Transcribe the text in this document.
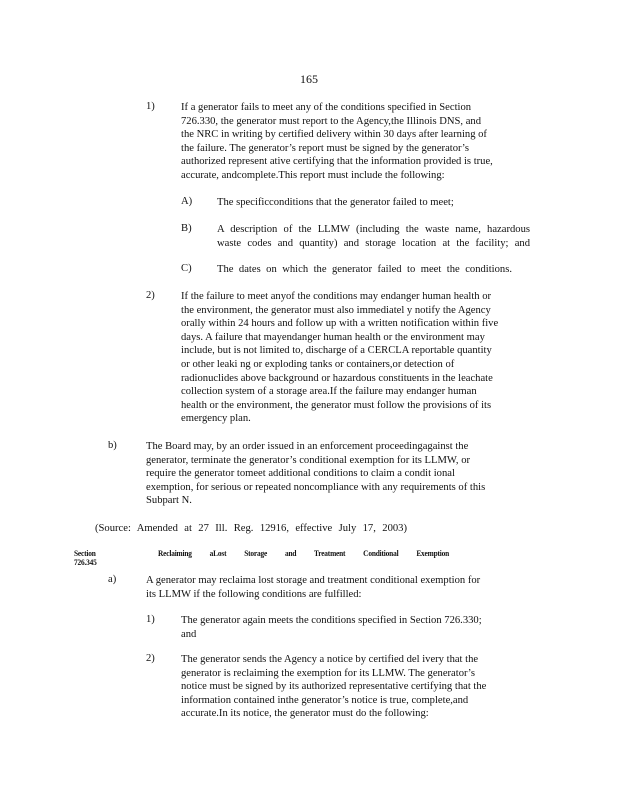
165
1) If a generator fails to meet any of the conditions specified in Section
726.330, the generator must report to the Agency,the Illinois DNS, and
the NRC in writing by certified delivery within 30 days after learning of
the failure. The generator’s report must be signed by the generator’s
authorized represent ative certifying that the information provided is true,
accurate, andcomplete.This report must include the following:
A) The specificconditions that the generator failed to meet;
B) A description of the LLMW (including the waste name, hazardous
waste codes and quantity) and storage location at the facility; and
C) The dates on which the generator failed to meet the conditions.
2) If the failure to meet anyof the conditions may endanger human health or
the environment, the generator must also immediatel y notify the Agency
orally within 24 hours and follow up with a written notification within five
days. A failure that mayendanger human health or the environment may
include, but is not limited to, discharge of a CERCLA reportable quantity
or other leaki ng or exploding tanks or containers,or detection of
radionuclides above background or hazardous constituents in the leachate
collection system of a storage area.If the failure may endanger human
health or the environment, the generator must follow the provisions of its
emergency plan.
b)	The Board may, by an order issued in an enforcement proceedingagainst the
generator, terminate the generator’s conditional exemption for its LLMW, or
require the generator tomeet additional conditions to claim a condit ional
exemption, for serious or repeated noncompliance with any requirements of this
Subpart N.
(Source: Amended at 27 Ill. Reg. 12916, effective July 17, 2003)
Section 726.345
Reclaiming aLost Storage and Treatment Conditional Exemption
a)	A generator may reclaima lost storage and treatment conditional exemption for
its LLMW if the following conditions are fulfilled:
1) The generator again meets the conditions specified in Section 726.330;
and
2) The generator sends the Agency a notice by certified del ivery that the
generator is reclaiming the exemption for its LLMW. The generator’s
notice must be signed by its authorized representative certifying that the
information contained inthe generator’s notice is true, complete,and
accurate.In its notice, the generator must do the following:
